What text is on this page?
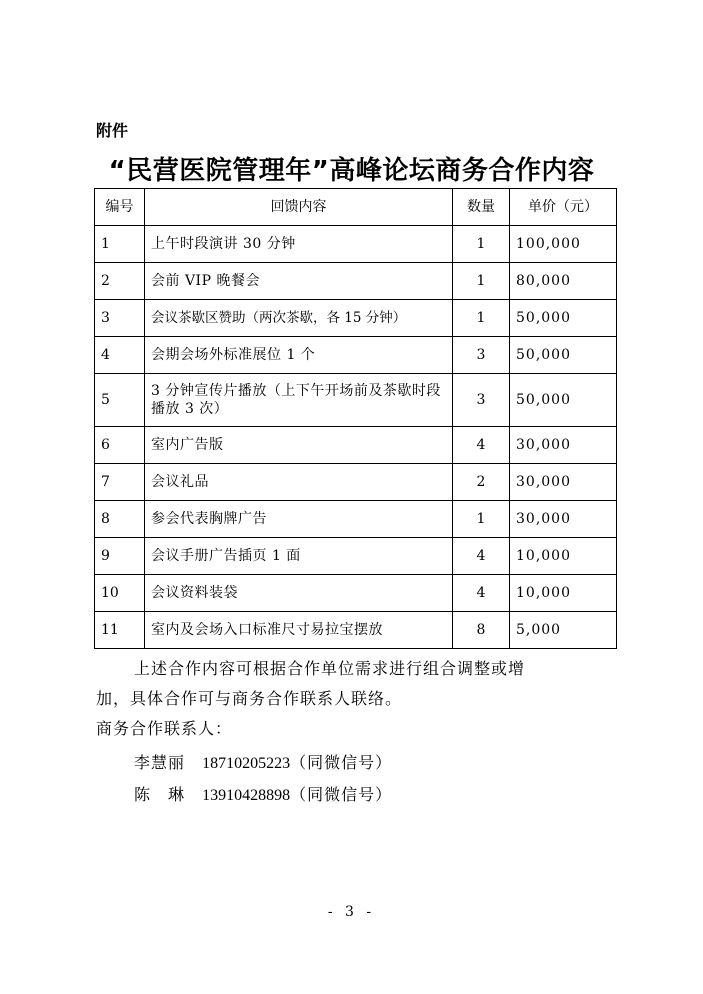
附件
“民营医院管理年”高峰论坛商务合作内容
编号	回馈内容	数量	单价（元）
1	上午时段演讲 30 分钟	1	100,000
2	会前 VIP 晚餐会	1	80,000
3	会议茶歇区赞助（两次茶歇，各 15 分钟）	1	50,000
4	会期会场外标准展位 1 个	3	50,000
5	3 分钟宣传片播放（上下午开场前及茶歇时段播放 3 次）	3	50,000
6	室内广告版	4	30,000
7	会议礼品	2	30,000
8	参会代表胸牌广告	1	30,000
9	会议手册广告插页 1 面	4	10,000
10	会议资料装袋	4	10,000
11	室内及会场入口标准尺寸易拉宝摆放	8	5,000
上述合作内容可根据合作单位需求进行组合调整或增
加，具体合作可与商务合作联系人联络。
商务合作联系人：
李慧丽 18710205223（同微信号）
陈　琳 13910428898（同微信号）
- 3 -
